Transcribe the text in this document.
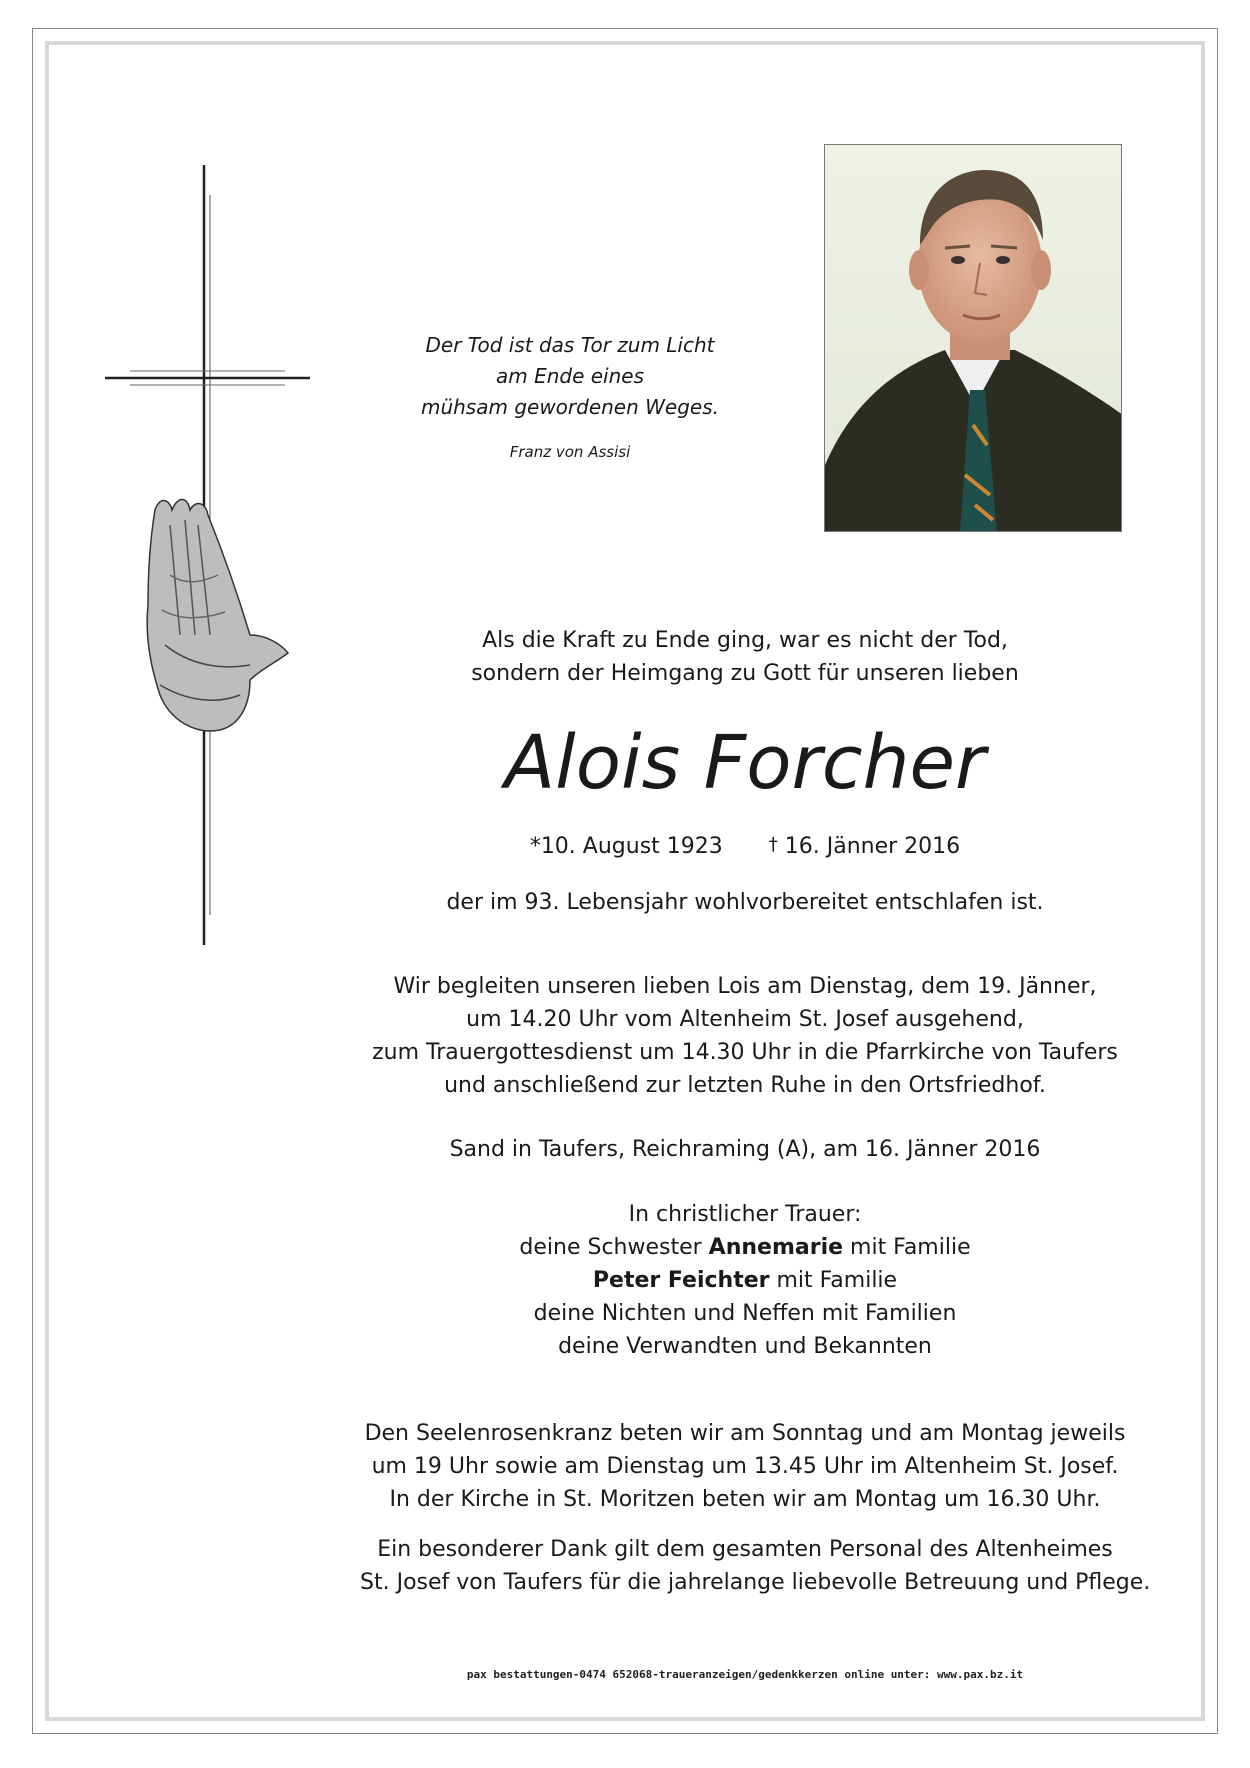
Der Tod ist das Tor zum Licht
am Ende eines
mühsam gewordenen Weges.
Franz von Assisi
Als die Kraft zu Ende ging, war es nicht der Tod,
sondern der Heimgang zu Gott für unseren lieben
Alois Forcher
*10. August 1923	† 16. Jänner 2016
der im 93. Lebensjahr wohlvorbereitet entschlafen ist.
Wir begleiten unseren lieben Lois am Dienstag, dem 19. Jänner,
um 14.20 Uhr vom Altenheim St. Josef ausgehend,
zum Trauergottesdienst um 14.30 Uhr in die Pfarrkirche von Taufers
und anschließend zur letzten Ruhe in den Ortsfriedhof.
Sand in Taufers, Reichraming (A), am 16. Jänner 2016
In christlicher Trauer:
deine Schwester Annemarie mit Familie
Peter Feichter mit Familie
deine Nichten und Neffen mit Familien
deine Verwandten und Bekannten
Den Seelenrosenkranz beten wir am Sonntag und am Montag jeweils
um 19 Uhr sowie am Dienstag um 13.45 Uhr im Altenheim St. Josef.
In der Kirche in St. Moritzen beten wir am Montag um 16.30 Uhr.
Ein besonderer Dank gilt dem gesamten Personal des Altenheimes
St. Josef von Taufers für die jahrelange liebevolle Betreuung und Pflege.
pax bestattungen-0474 652068-traueranzeigen/gedenkkerzen online unter: www.pax.bz.it
